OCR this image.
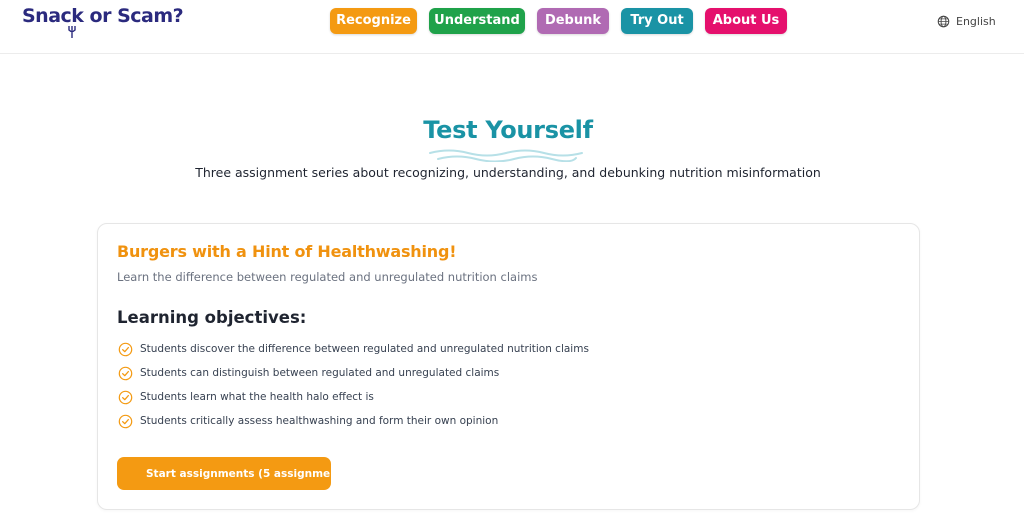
Snack or Scam?	Recognize	Understand	Debunk	Try Out	About Us	English
Test Yourself
Three assignment series about recognizing, understanding, and debunking nutrition misinformation
Burgers with a Hint of Healthwashing!
Learn the difference between regulated and unregulated nutrition claims
Learning objectives:
Students discover the difference between regulated and unregulated nutrition claims
Students can distinguish between regulated and unregulated claims
Students learn what the health halo effect is
Students critically assess healthwashing and form their own opinion
Start assignments (5 assignments)
